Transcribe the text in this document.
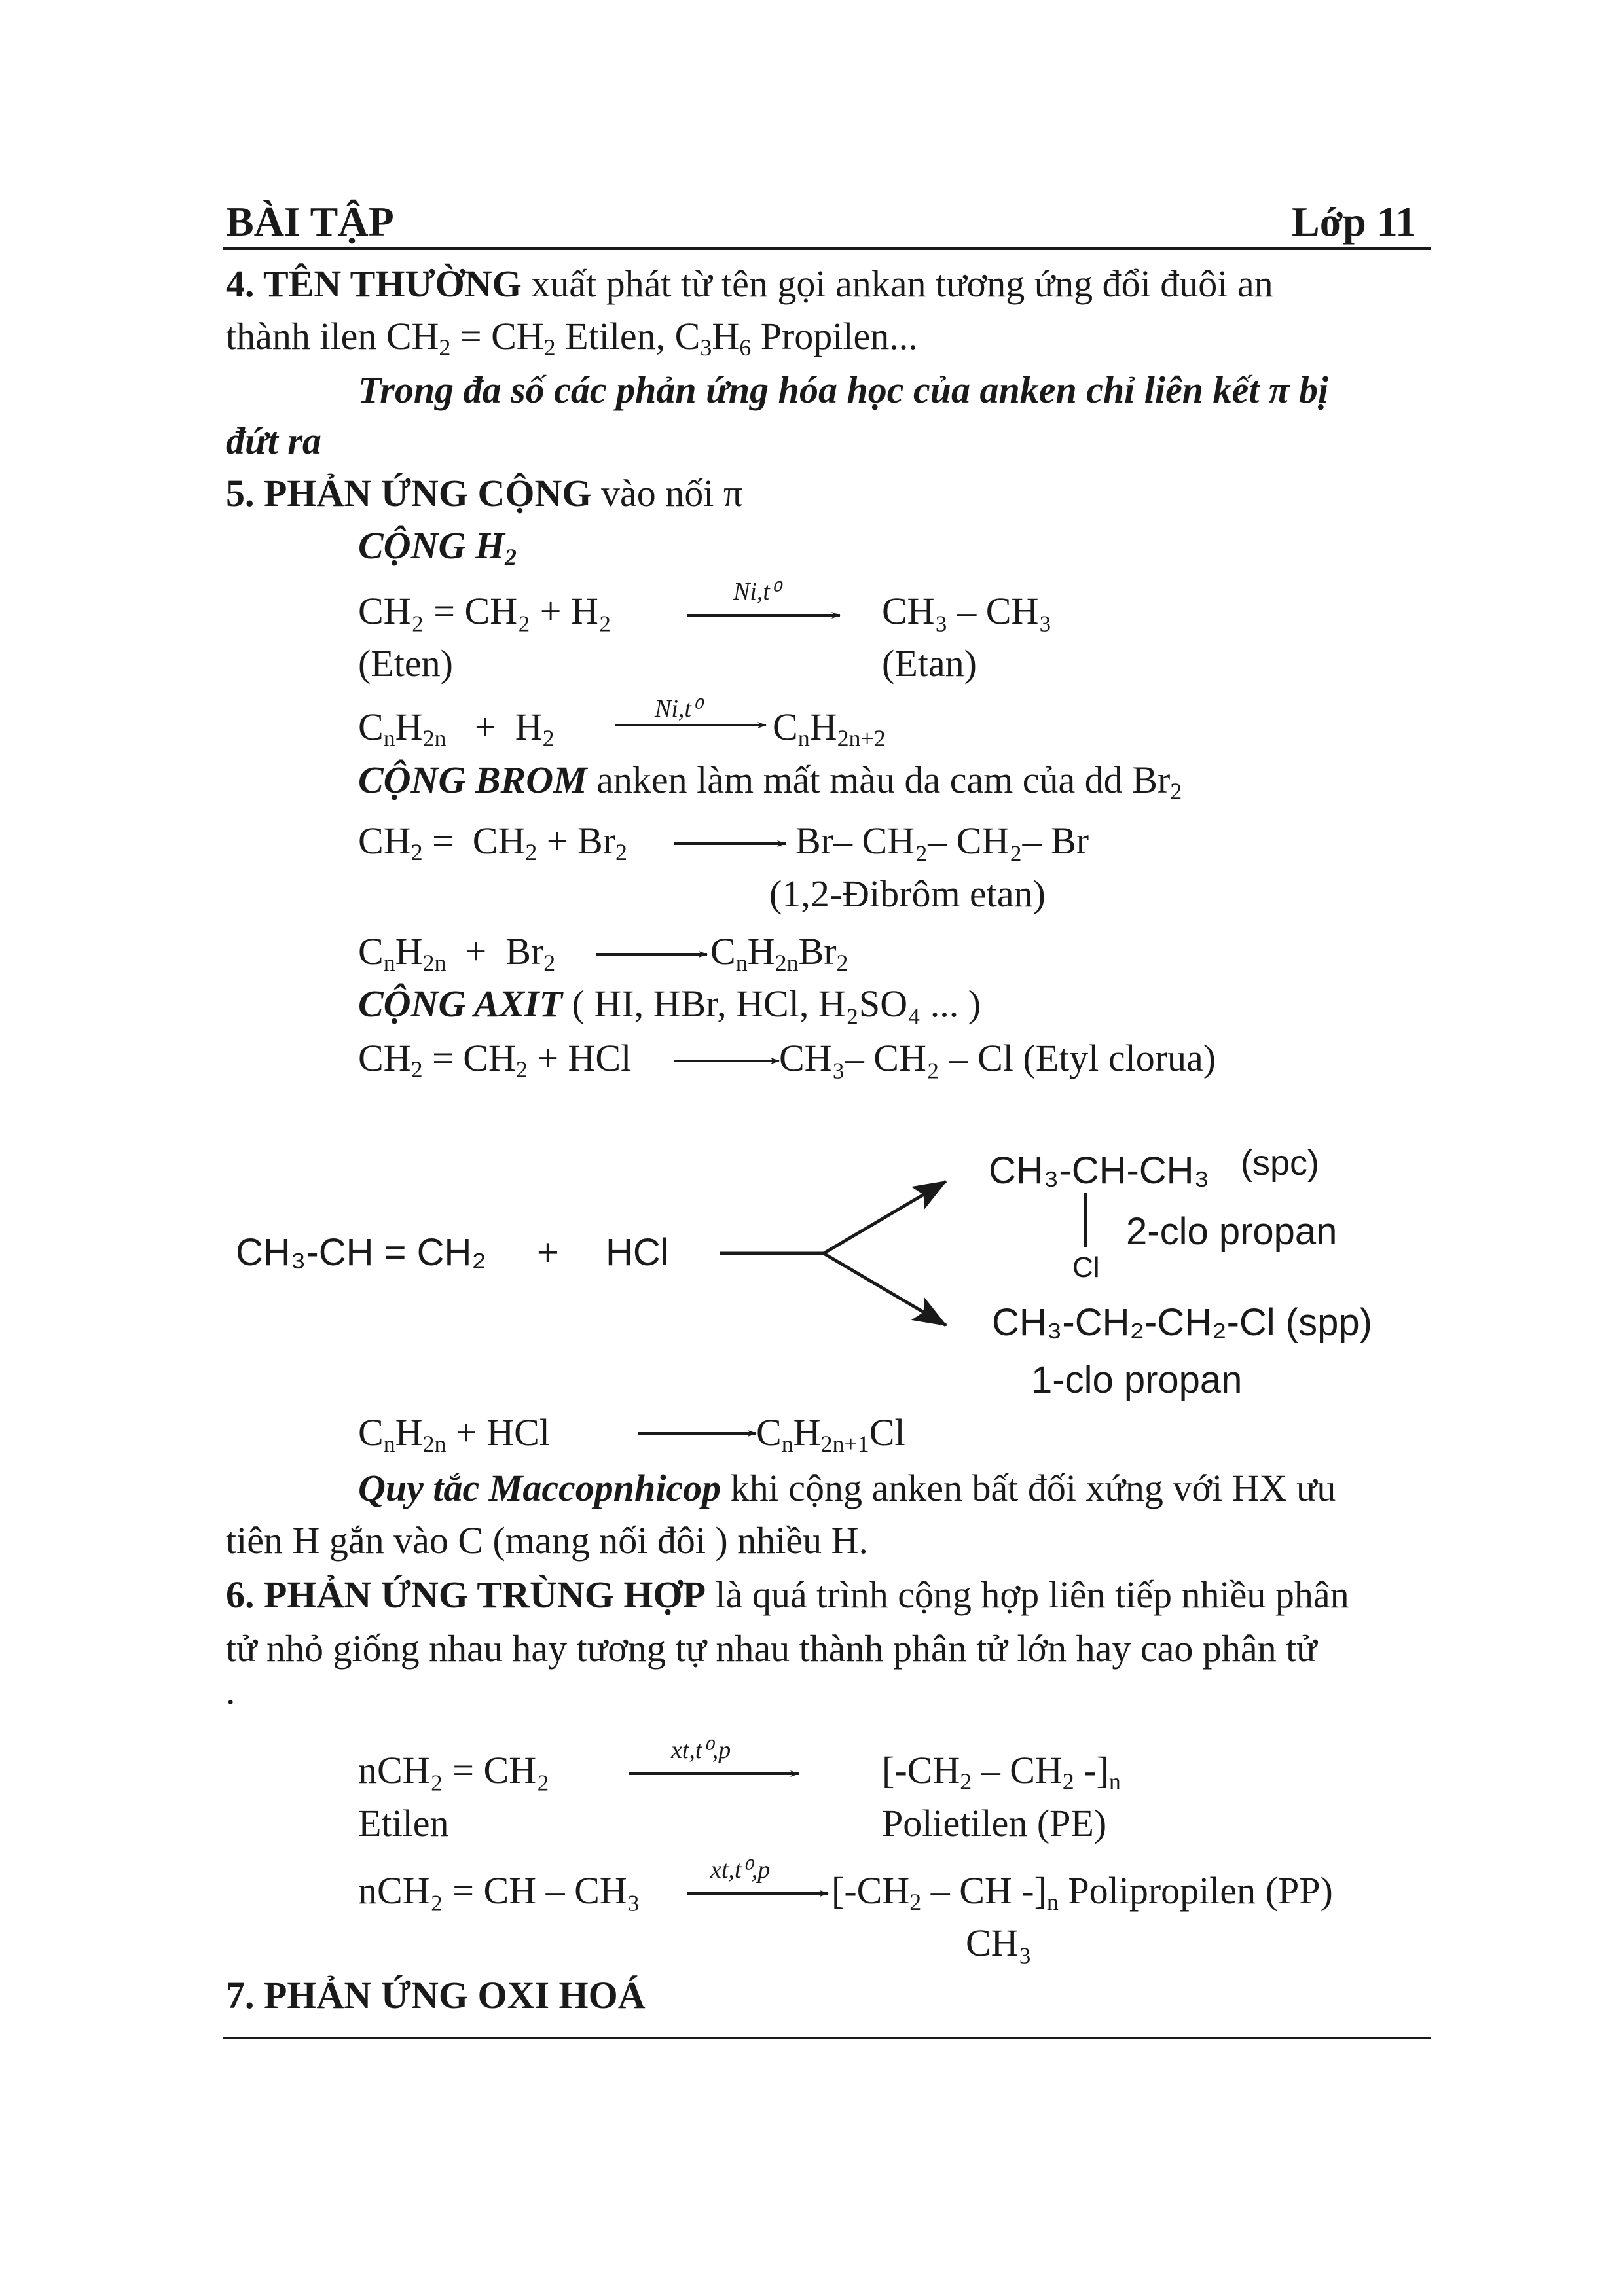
BÀI TẬP	Lớp 11
4. TÊN THƯỜNG xuất phát từ tên gọi ankan tương ứng đổi đuôi an
thành ilen $CH_2 = CH_2$ Etilen, $C_3H_6$ Propilen...
Trong đa số các phản ứng hóa học của anken chỉ liên kết π bị
đứt ra
5. PHẢN ỨNG CỘNG vào nối π
CỘNG $H_2$
CH₂ = CH₂ + H₂	Ni,t⁰	CH₃ – CH₃
(Eten)	(Etan)
$C_nH_{2n} + H_2$
Ni,t⁰ $C_nH_{2n+2}$
CỘNG BROM anken làm mất màu da cam của dd $Br_2$
$CH_2 = CH_2 + Br_2$	Br– CH₂– CH₂– Br
(1,2-Đibrôm etan)
$C_nH_{2n} + Br_2$	$C_nH_{2n}Br_2$
CỘNG AXIT ( HI, HBr, HCl, H₂SO₄ ... )
$CH_2 = CH_2$ + HCl	CH₃– CH₂ – Cl (Etyl clorua)
CH₃-CH = CH₂ + HCl
CH₃-CH-CH₃ (spc)
Cl
2-clo propan
CH₃-CH₂-CH₂-Cl (spp)
1-clo propan
$C_nH_{2n}$ + HCl	$C_nH_{2n+1}Cl$
Quy tắc Maccopnhicop khi cộng anken bất đối xứng với HX ưu
tiên H gắn vào C (mang nối đôi ) nhiều H.
6. PHẢN ỨNG TRÙNG HỢP là quá trình cộng hợp liên tiếp nhiều phân
tử nhỏ giống nhau hay tương tự nhau thành phân tử lớn hay cao phân tử
.
nCH₂ = CH₂	xt,t⁰,p	[$-CH_2 - CH_2$ $-]_n$
Etilen	Polietilen (PE)
nCH₂ = CH – CH₃	xt,t⁰,p [$-CH_2$ – CH $-]_n$ Polipropilen (PP)
CH₃
7. PHẢN ỨNG OXI HOÁ
